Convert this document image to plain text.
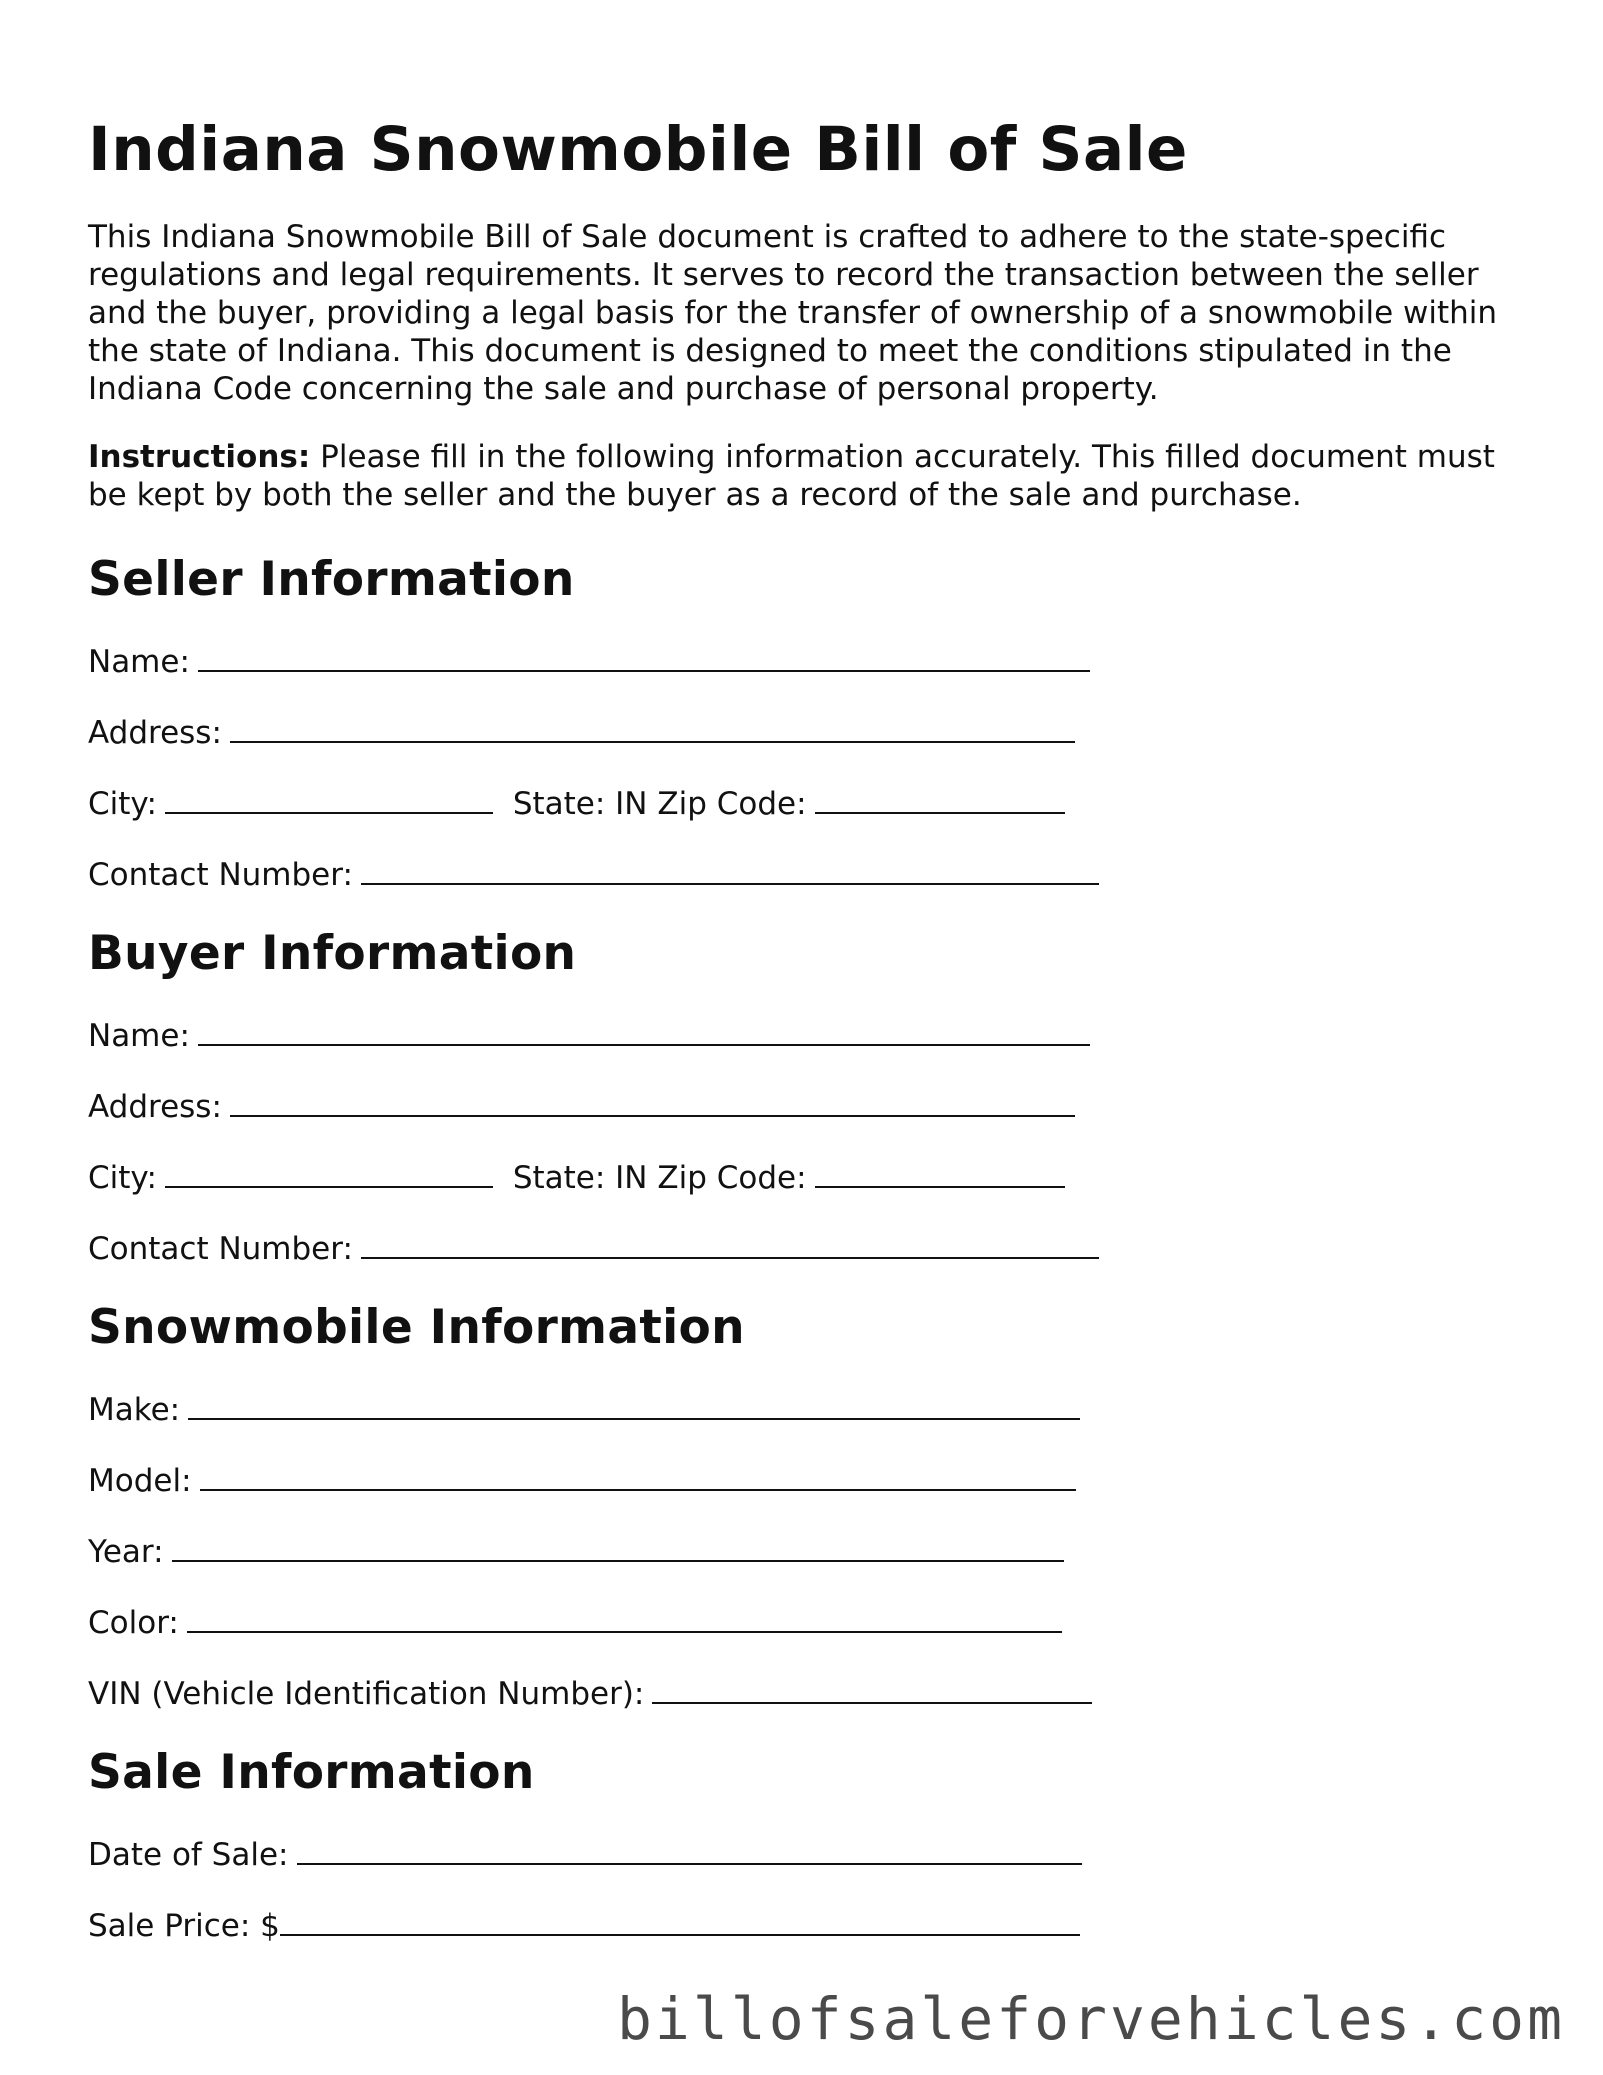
Indiana Snowmobile Bill of Sale

This Indiana Snowmobile Bill of Sale document is crafted to adhere to the state-specific regulations and legal requirements. It serves to record the transaction between the seller and the buyer, providing a legal basis for the transfer of ownership of a snowmobile within the state of Indiana. This document is designed to meet the conditions stipulated in the Indiana Code concerning the sale and purchase of personal property.

Instructions: Please fill in the following information accurately. This filled document must be kept by both the seller and the buyer as a record of the sale and purchase.

Seller Information
Name:
Address:
City:	State: IN Zip Code:
Contact Number:
Buyer Information
Name:
Address:
City:	State: IN Zip Code:
Contact Number:
Snowmobile Information
Make:
Model:
Year:
Color:
VIN (Vehicle Identification Number):
Sale Information
Date of Sale:
Sale Price: $
billofsaleforvehicles.com
